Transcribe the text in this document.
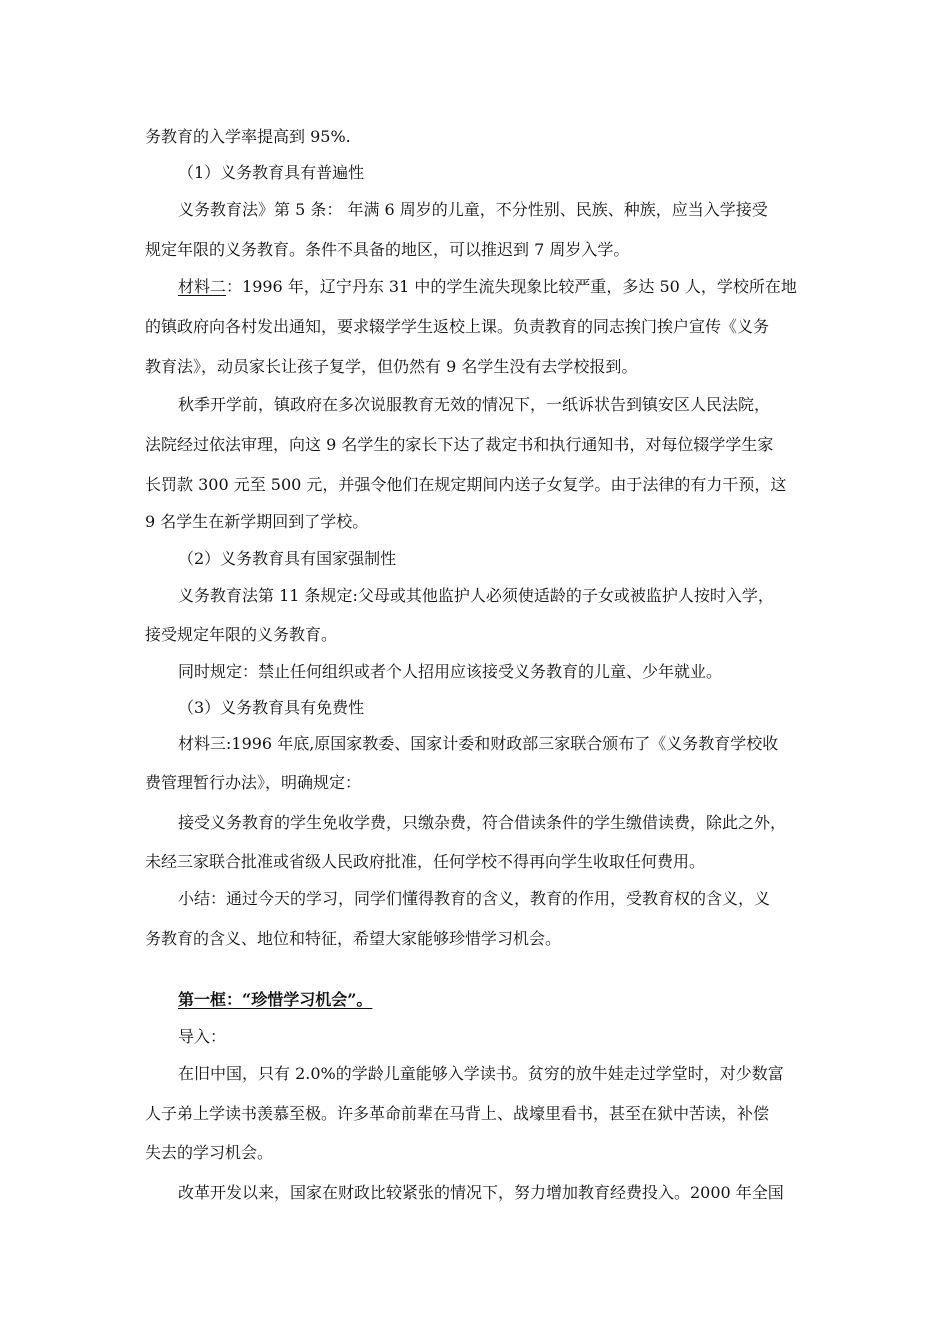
务教育的入学率提高到 95%.
（1）义务教育具有普遍性
义务教育法》第 5 条： 年满 6 周岁的儿童，不分性别、民族、种族，应当入学接受
规定年限的义务教育。条件不具备的地区，可以推迟到 7 周岁入学。
材料二：1996 年，辽宁丹东 31 中的学生流失现象比较严重，多达 50 人，学校所在地
的镇政府向各村发出通知，要求辍学学生返校上课。负责教育的同志挨门挨户宣传《义务
教育法》，动员家长让孩子复学，但仍然有 9 名学生没有去学校报到。
秋季开学前，镇政府在多次说服教育无效的情况下，一纸诉状告到镇安区人民法院，
法院经过依法审理，向这 9 名学生的家长下达了裁定书和执行通知书，对每位辍学学生家
长罚款 300 元至 500 元，并强令他们在规定期间内送子女复学。由于法律的有力干预，这
9 名学生在新学期回到了学校。
（2）义务教育具有国家强制性
义务教育法第 11 条规定:父母或其他监护人必须使适龄的子女或被监护人按时入学，
接受规定年限的义务教育。
同时规定：禁止任何组织或者个人招用应该接受义务教育的儿童、少年就业。
（3）义务教育具有免费性
材料三:1996 年底,原国家教委、国家计委和财政部三家联合颁布了《义务教育学校收
费管理暂行办法》，明确规定：
接受义务教育的学生免收学费，只缴杂费，符合借读条件的学生缴借读费，除此之外，
未经三家联合批准或省级人民政府批准，任何学校不得再向学生收取任何费用。
小结：通过今天的学习，同学们懂得教育的含义，教育的作用，受教育权的含义，义
务教育的含义、地位和特征，希望大家能够珍惜学习机会。
第一框：“珍惜学习机会”。
导入：
在旧中国，只有 2.0%的学龄儿童能够入学读书。贫穷的放牛娃走过学堂时，对少数富
人子弟上学读书羡慕至极。许多革命前辈在马背上、战壕里看书，甚至在狱中苦读，补偿
失去的学习机会。
改革开发以来，国家在财政比较紧张的情况下，努力增加教育经费投入。2000 年全国
